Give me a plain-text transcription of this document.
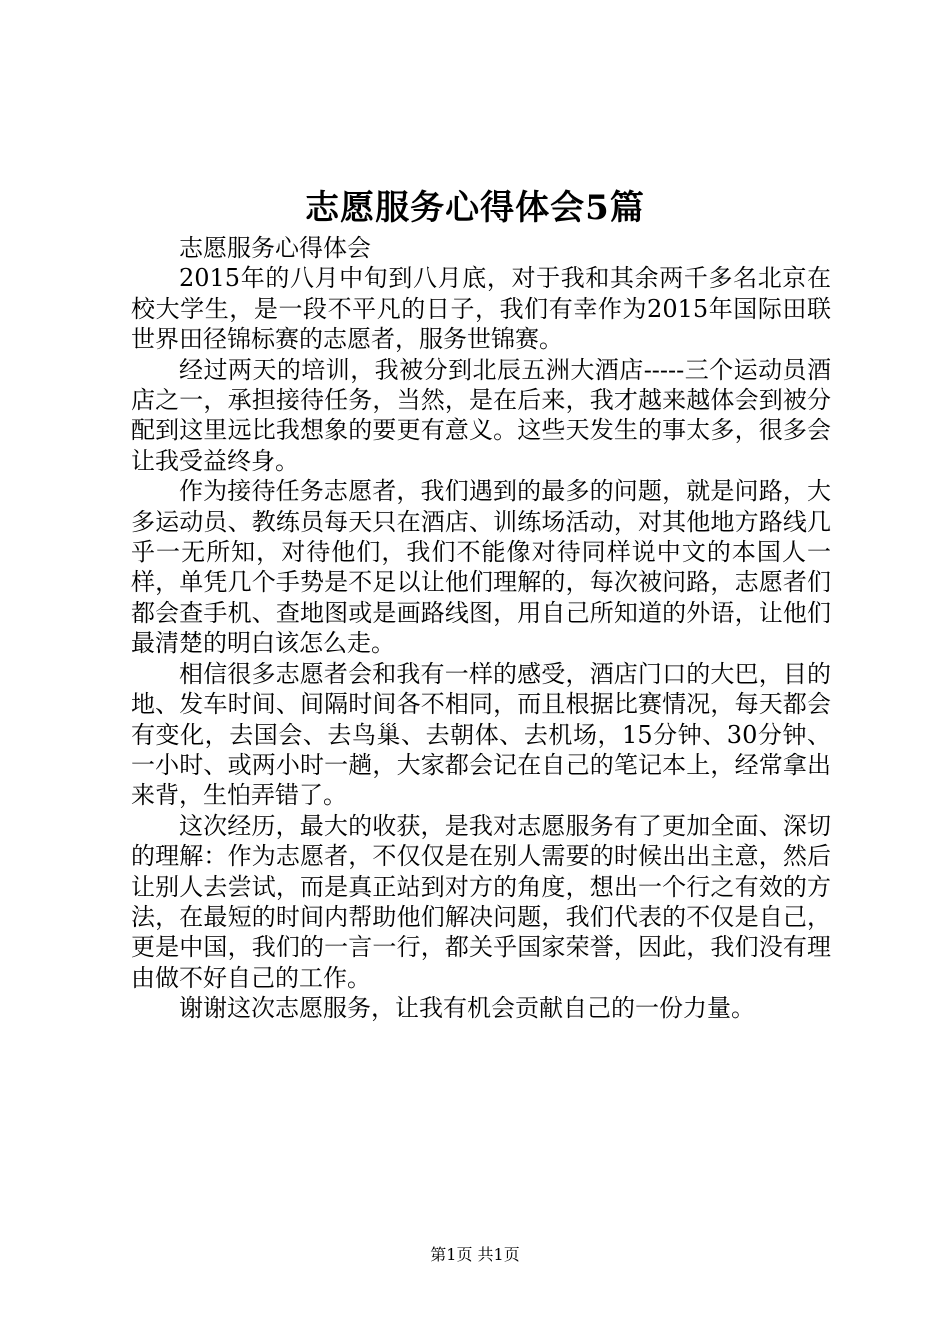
志愿服务心得体会5篇

志愿服务心得体会

2015年的八月中旬到八月底，对于我和其余两千多名北京在校大学生，是一段不平凡的日子，我们有幸作为2015年国际田联世界田径锦标赛的志愿者，服务世锦赛。

经过两天的培训，我被分到北辰五洲大酒店-----三个运动员酒店之一，承担接待任务，当然，是在后来，我才越来越体会到被分配到这里远比我想象的要更有意义。这些天发生的事太多，很多会让我受益终身。

作为接待任务志愿者，我们遇到的最多的问题，就是问路，大多运动员、教练员每天只在酒店、训练场活动，对其他地方路线几乎一无所知，对待他们，我们不能像对待同样说中文的本国人一样，单凭几个手势是不足以让他们理解的，每次被问路，志愿者们都会查手机、查地图或是画路线图，用自己所知道的外语，让他们最清楚的明白该怎么走。

相信很多志愿者会和我有一样的感受，酒店门口的大巴，目的地、发车时间、间隔时间各不相同，而且根据比赛情况，每天都会有变化，去国会、去鸟巢、去朝体、去机场，15分钟、30分钟、一小时、或两小时一趟，大家都会记在自己的笔记本上，经常拿出来背，生怕弄错了。

这次经历，最大的收获，是我对志愿服务有了更加全面、深切的理解：作为志愿者，不仅仅是在别人需要的时候出出主意，然后让别人去尝试，而是真正站到对方的角度，想出一个行之有效的方法，在最短的时间内帮助他们解决问题，我们代表的不仅是自己，更是中国，我们的一言一行，都关乎国家荣誉，因此，我们没有理由做不好自己的工作。

谢谢这次志愿服务，让我有机会贡献自己的一份力量。

第1页 共1页
